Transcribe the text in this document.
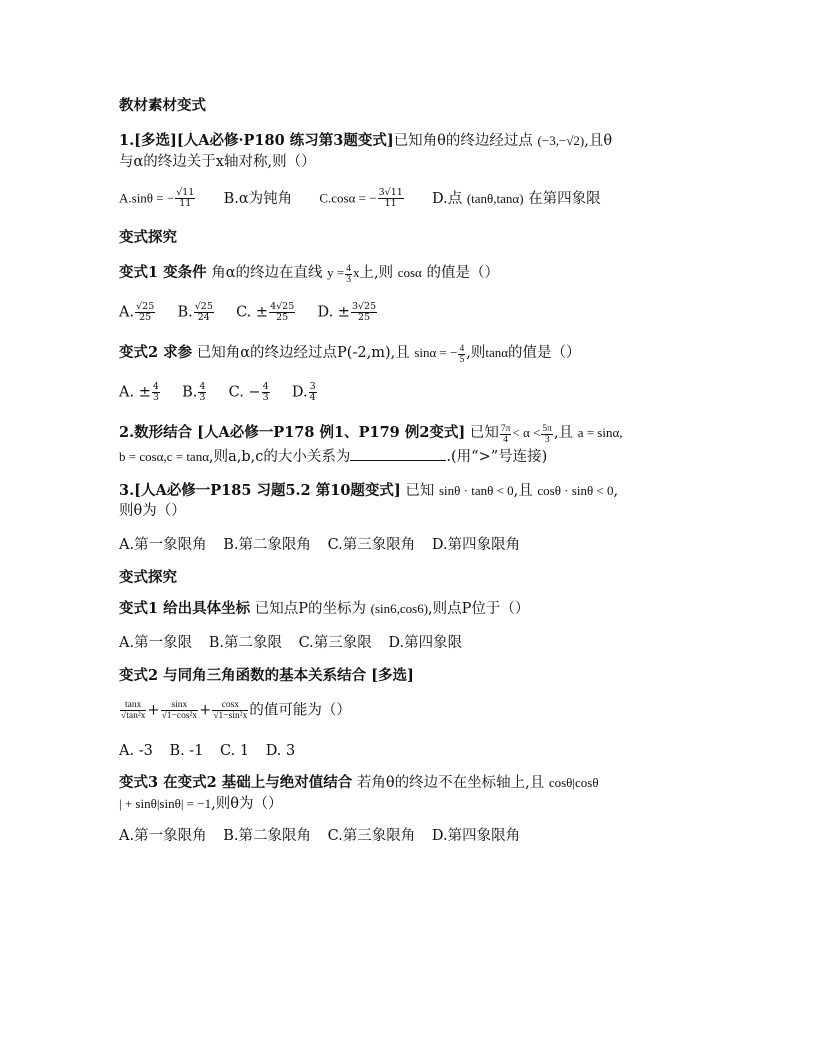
教材素材变式
1.[多选][人A必修·P180 练习第3题变式]已知角θ的终边经过点 (−3,−√2),且θ
与α的终边关于x轴对称,则（）
A.sinθ = − $\frac{√11}{11} B.\alpha$为钝角 C.cosα = − $\frac{3√11}{11} D$.点 (tanθ,tanα) 在第四象限
变式探究
变式1 变条件 角α的终边在直线 $y = \frac{4}{3}$ x上,则 cosα 的值是（）
A. $\frac{√25}{25} B$. $\frac{√25}{24} C$. ± $\frac{4√25}{25} D$. ± $\frac{3√25}{25}$
变式2 求参 已知角α的终边经过点P(-2,m),且 sinα = − $\frac{4}{5}$ ,则tanα的值是（）
A. ± $\frac{4}{3} B$. $\frac{4}{3} C$. − $\frac{4}{3} D$. $\frac{3}{4}$
2.数形结合 [人A必修一P178 例1、P179 例2变式] 已知 $\frac{7\pi}{4} < \alpha < \frac{5\pi}{3}$ ,且 a = sinα,
b = cosα,c = tanα,则a,b,c的大小关系为	.(用“>”号连接)
3.[人A必修一P185 习题5.2 第10题变式] 已知 sinθ · tanθ < 0,且 cosθ · sinθ < 0,
则θ为（）
A.第一象限角 B.第二象限角 C.第三象限角 D.第四象限角
变式探究
变式1 给出具体坐标 已知点P的坐标为 (sin6,cos6),则点P位于（）
A.第一象限 B.第二象限 C.第三象限 D.第四象限
变式2 与同角三角函数的基本关系结合 [多选]
$\frac{\tan x}{\text{√tan²x}} + \frac{\sin x}{\text{√1−cos²x}} + \frac{\cos x}{\text{√1−sin²x}}$ 的值可能为（）
A. -3 B. -1 C. 1 D. 3
变式3 在变式2 基础上与绝对值结合 若角θ的终边不在坐标轴上,且 cosθ|cosθ
| + sinθ|sinθ| = −1,则θ为（）
A.第一象限角 B.第二象限角 C.第三象限角 D.第四象限角
